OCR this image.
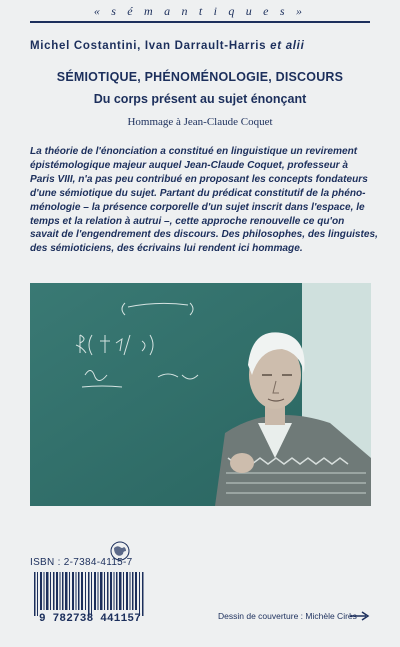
« s é m a n t i q u e s »
Michel Costantini, Ivan Darrault-Harris et alii
SÉMIOTIQUE, PHÉNOMÉNOLOGIE, DISCOURS
Du corps présent au sujet énonçant
Hommage à Jean-Claude Coquet
La théorie de l'énonciation a constitué en linguistique un revirement
épistémologique majeur auquel Jean-Claude Coquet, professeur à
Paris VIII, n'a pas peu contribué en proposant les concepts fondateurs
d'une sémiotique du sujet. Partant du prédicat constitutif de la phéno-
ménologie – la présence corporelle d'un sujet inscrit dans l'espace, le
temps et la relation à autrui –, cette approche renouvelle ce qu'on
savait de l'engendrement des discours. Des philosophes, des linguistes,
des sémioticiens, des écrivains lui rendent ici hommage.
ISBN : 2-7384-4115-7
9 782738 441157	Dessin de couverture : Michèle Cirès
